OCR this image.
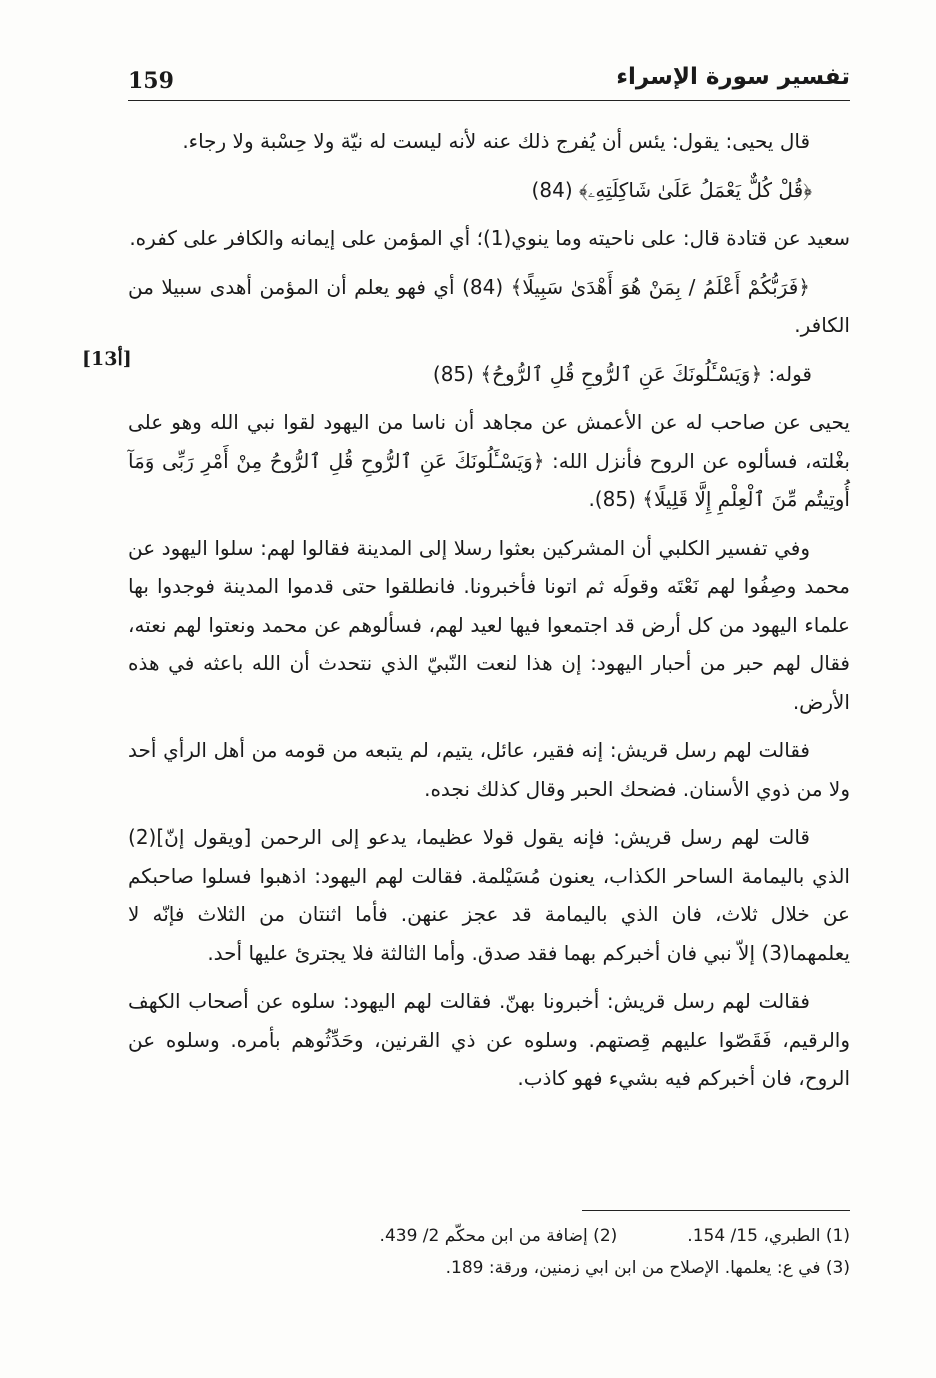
159	تفسير سورة الإسراء
[13أ]

قال يحيى: يقول: يئس أن يُفرج ذلك عنه لأنه ليست له نيّة ولا حِسْبة ولا رجاء.

﴿قُلْ كُلٌّ يَعْمَلُ عَلَىٰ شَاكِلَتِهِۦ﴾ (84)

سعيد عن قتادة قال: على ناحيته وما ينوي(1)؛ أي المؤمن على إيمانه والكافر على كفره.

﴿فَرَبُّكُمْ أَعْلَمُ / بِمَنْ هُوَ أَهْدَىٰ سَبِيلًا﴾ (84) أي فهو يعلم أن المؤمن أهدى سبيلا من الكافر.

قوله: ﴿وَيَسْـَٔلُونَكَ عَنِ ٱلرُّوحِ قُلِ ٱلرُّوحُ﴾ (85)

يحيى عن صاحب له عن الأعمش عن مجاهد أن ناسا من اليهود لقوا نبي الله وهو على بغْلته، فسألوه عن الروح فأنزل الله: ﴿وَيَسْـَٔلُونَكَ عَنِ ٱلرُّوحِ قُلِ ٱلرُّوحُ مِنْ أَمْرِ رَبِّى وَمَآ أُوتِيتُم مِّنَ ٱلْعِلْمِ إِلَّا قَلِيلًا﴾ (85).

وفي تفسير الكلبي أن المشركين بعثوا رسلا إلى المدينة فقالوا لهم: سلوا اليهود عن محمد وصِفُوا لهم نَعْتَه وقولَه ثم اتونا فأخبرونا. فانطلقوا حتى قدموا المدينة فوجدوا بها علماء اليهود من كل أرض قد اجتمعوا فيها لعيد لهم، فسألوهم عن محمد ونعتوا لهم نعته، فقال لهم حبر من أحبار اليهود: إن هذا لنعت النّبيّ الذي نتحدث أن الله باعثه في هذه الأرض.

فقالت لهم رسل قريش: إنه فقير، عائل، يتيم، لم يتبعه من قومه من أهل الرأي أحد ولا من ذوي الأسنان. فضحك الحبر وقال كذلك نجده.

قالت لهم رسل قريش: فإنه يقول قولا عظيما، يدعو إلى الرحمن [ويقول إنّ](2) الذي باليمامة الساحر الكذاب، يعنون مُسَيْلمة. فقالت لهم اليهود: اذهبوا فسلوا صاحبكم عن خلال ثلاث، فان الذي باليمامة قد عجز عنهن. فأما اثنتان من الثلاث فإنّه لا يعلمهما(3) إلاّ نبي فان أخبركم بهما فقد صدق. وأما الثالثة فلا يجترئ عليها أحد.

فقالت لهم رسل قريش: أخبرونا بهنّ. فقالت لهم اليهود: سلوه عن أصحاب الكهف والرقيم، فَقَصّوا عليهم قِصتهم. وسلوه عن ذي القرنين، وحَدِّثُوهم بأمره. وسلوه عن الروح، فان أخبركم فيه بشيء فهو كاذب.

(1) الطبري، 15/ 154.
(2) إضافة من ابن محكّم 2/ 439.
(3) في ع: يعلمها. الإصلاح من ابن ابي زمنين، ورقة: 189.
